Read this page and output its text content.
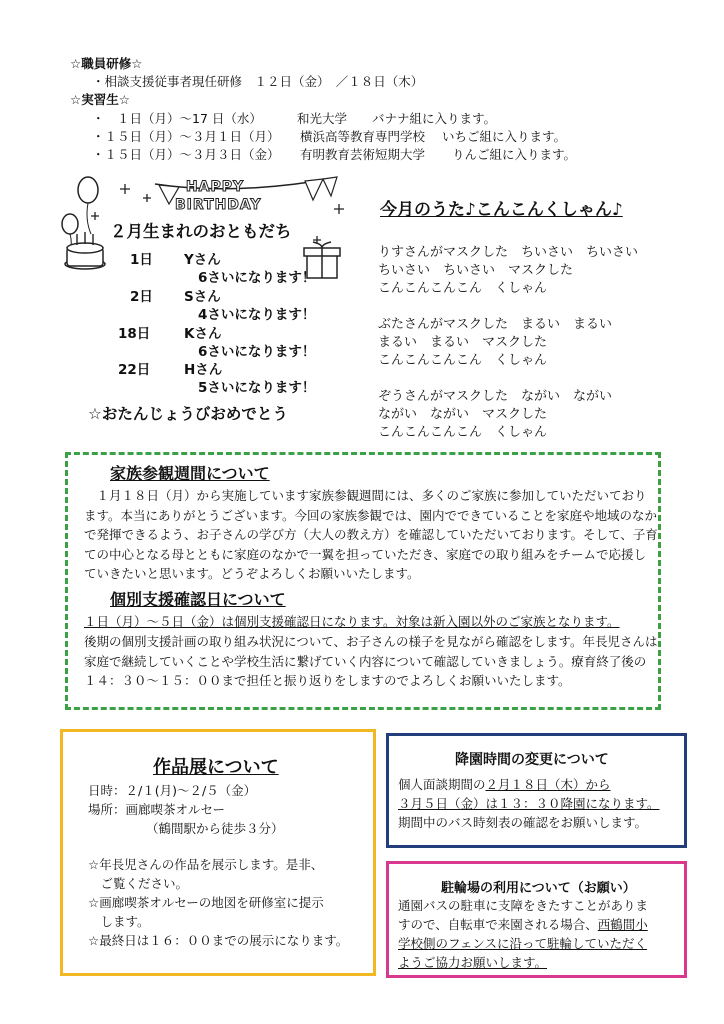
☆職員研修☆
・相談支援従事者現任研修　１２日（金）　／１８日（木）
☆実習生☆
・　１日（月）～17 日（水）	和光大学 バナナ組に入ります。
・１５日（月）～３月１日（月） 横浜高等教育専門学校 いちご組に入ります。
・１５日（月）～３月３日（金） 有明教育芸術短期大学 りんご組に入ります。
HAPPY BIRTHDAY
２月生まれのおともだち
1日 Yさん
6さいになります！
2日 Sさん
4さいになります！
18日 Kさん
6さいになります！
22日 Hさん
5さいになります！
☆おたんじょうびおめでとう
今月のうた♪こんこんくしゃん♪
りすさんがマスクした　ちいさい　ちいさい
ちいさい　ちいさい　マスクした
こんこんこんこん　くしゃん
ぶたさんがマスクした　まるい　まるい
まるい　まるい　マスクした
こんこんこんこん　くしゃん
ぞうさんがマスクした　ながい　ながい
ながい　ながい　マスクした
こんこんこんこん　くしゃん
家族参観週間について
　１月１８日（月）から実施しています家族参観週間には、多くのご家族に参加していただいております。本当にありがとうございます。今回の家族参観では、園内でできていることを家庭や地域のなかで発揮できるよう、お子さんの学び方（大人の教え方）を確認していただいております。そして、子育ての中心となる母とともに家庭のなかで一翼を担っていただき、家庭での取り組みをチームで応援していきたいと思います。どうぞよろしくお願いいたします。
個別支援確認日について
１日（月）～５日（金）は個別支援確認日になります。対象は新入園以外のご家族となります。
後期の個別支援計画の取り組み状況について、お子さんの様子を見ながら確認をします。年長児さんは家庭で継続していくことや学校生活に繋げていく内容について確認していきましょう。療育終了後の１４：３０～１５：００まで担任と振り返りをしますのでよろしくお願いいたします。
作品展について
日時：２/１(月)～２/５（金）
場所：画廊喫茶オルセー
（鶴間駅から徒歩３分）
☆年長児さんの作品を展示します。是非、
　ご覧ください。
☆画廊喫茶オルセーの地図を研修室に提示
　します。
☆最終日は１６：００までの展示になります。
降園時間の変更について
個人面談期間の２月１８日（木）から
３月５日（金）は１３：３０降園になります。
期間中のバス時刻表の確認をお願いします。
駐輪場の利用について（お願い）
通園バスの駐車に支障をきたすことがありま
すので、自転車で来園される場合、西鶴間小
学校側のフェンスに沿って駐輪していただく
ようご協力お願いします。
